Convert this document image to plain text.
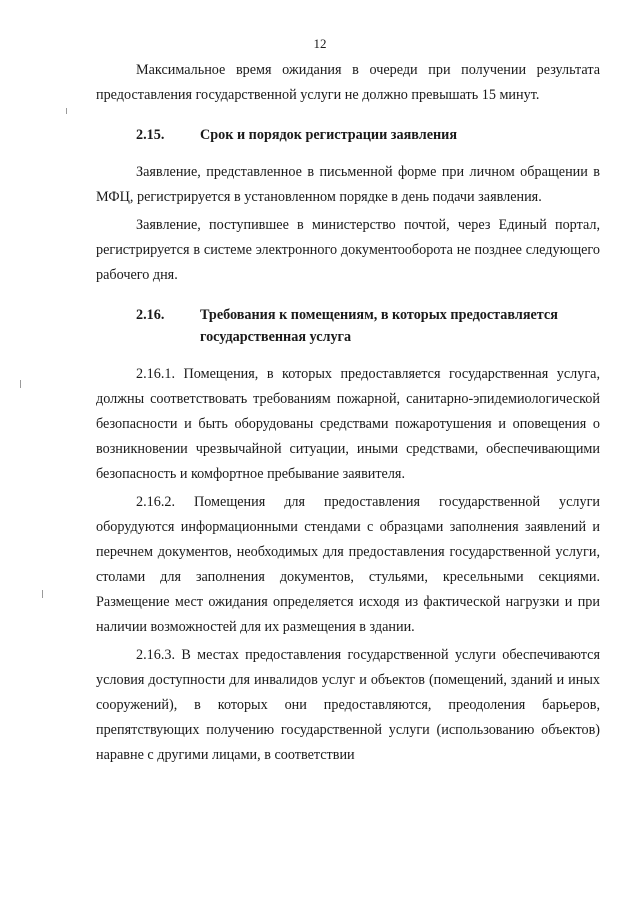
12

Максимальное время ожидания в очереди при получении результата предоставления государственной услуги не должно превышать 15 минут.

2.15.	Срок и порядок регистрации заявления

Заявление, представленное в письменной форме при личном обращении в МФЦ, регистрируется в установленном порядке в день подачи заявления.

Заявление, поступившее в министерство почтой, через Единый портал, регистрируется в системе электронного документооборота не позднее следующего рабочего дня.

2.16.	Требования к помещениям, в которых предоставляется государственная услуга

2.16.1. Помещения, в которых предоставляется государственная услуга, должны соответствовать требованиям пожарной, санитарно-эпидемиологической безопасности и быть оборудованы средствами пожаротушения и оповещения о возникновении чрезвычайной ситуации, иными средствами, обеспечивающими безопасность и комфортное пребывание заявителя.

2.16.2. Помещения для предоставления государственной услуги оборудуются информационными стендами с образцами заполнения заявлений и перечнем документов, необходимых для предоставления государственной услуги, столами для заполнения документов, стульями, кресельными секциями. Размещение мест ожидания определяется исходя из фактической нагрузки и при наличии возможностей для их размещения в здании.

2.16.3. В местах предоставления государственной услуги обеспечиваются условия доступности для инвалидов услуг и объектов (помещений, зданий и иных сооружений), в которых они предоставляются, преодоления барьеров, препятствующих получению государственной услуги (использованию объектов) наравне с другими лицами, в соответствии
